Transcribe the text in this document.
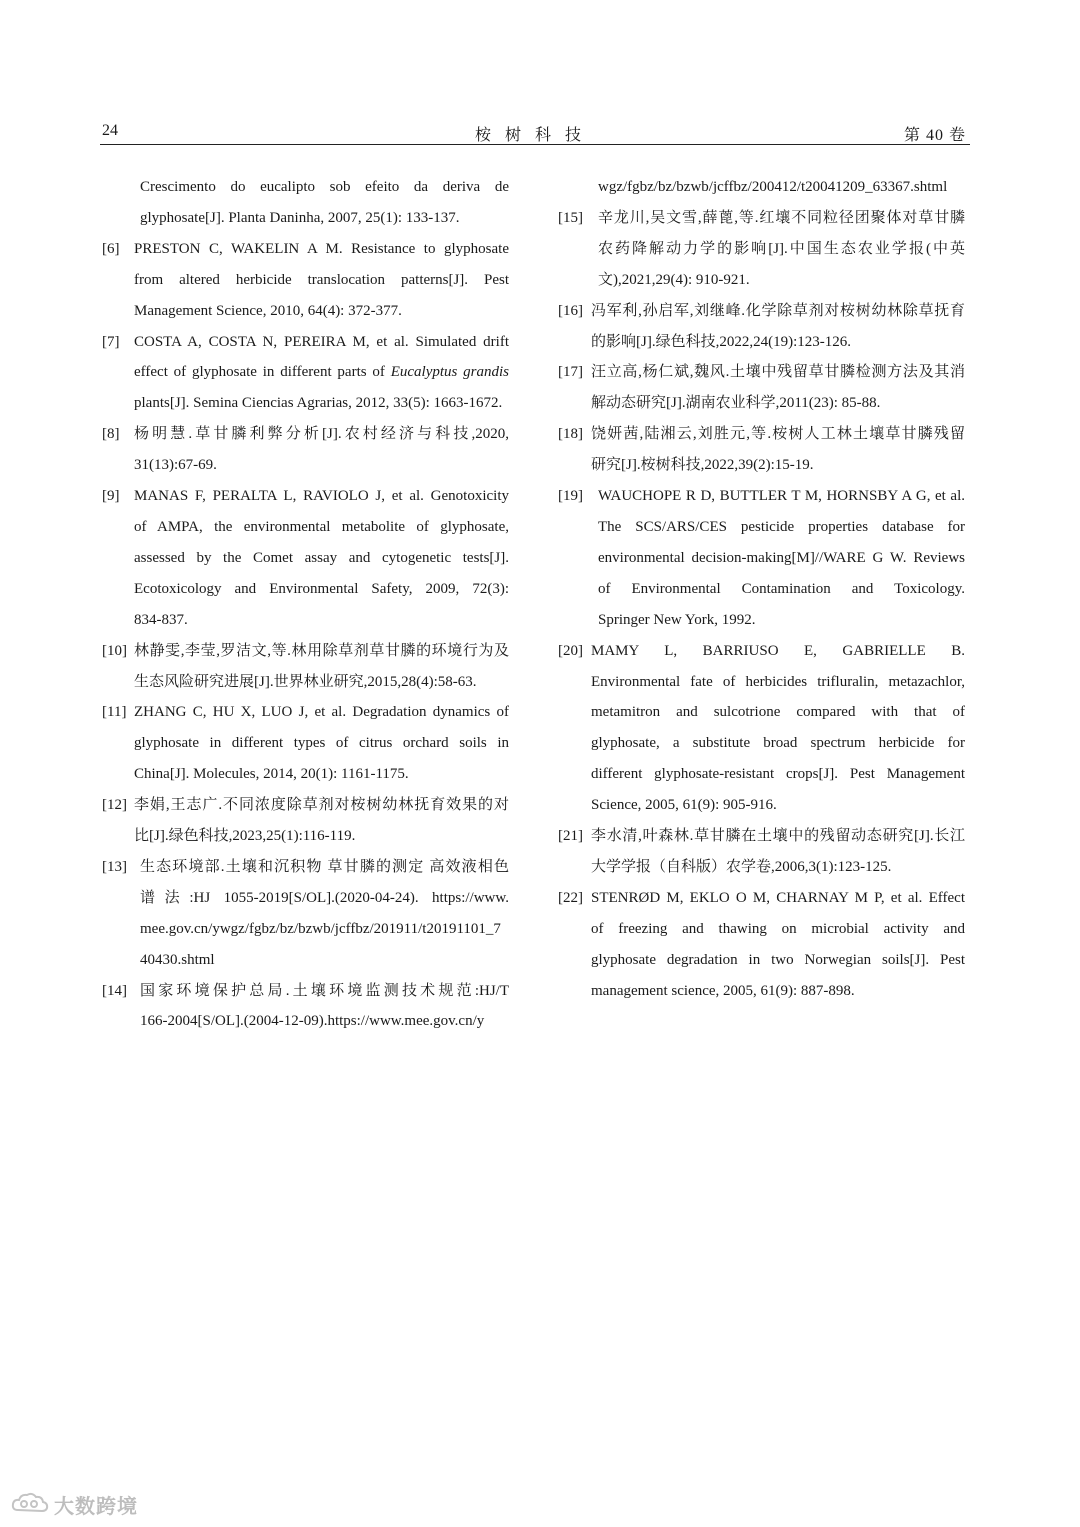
24	桉树科技	第 40 卷
Crescimento do eucalipto sob efeito da deriva de
glyphosate[J]. Planta Daninha, 2007, 25(1): 133-137.
[6] PRESTON C, WAKELIN A M. Resistance to glyphosate
from altered herbicide translocation patterns[J]. Pest
Management Science, 2010, 64(4): 372-377.
[7] COSTA A, COSTA N, PEREIRA M, et al. Simulated drift
effect of glyphosate in different parts of Eucalyptus grandis
plants[J]. Semina Ciencias Agrarias, 2012, 33(5): 1663-1672.
[8] 杨明慧.草甘膦利弊分析[J].农村经济与科技,2020,
31(13):67-69.
[9] MANAS F, PERALTA L, RAVIOLO J, et al. Genotoxicity
of AMPA, the environmental metabolite of glyphosate,
assessed by the Comet assay and cytogenetic tests[J].
Ecotoxicology and Environmental Safety, 2009, 72(3):
834-837.
[10] 林静雯,李莹,罗洁文,等.林用除草剂草甘膦的环境行为及
生态风险研究进展[J].世界林业研究,2015,28(4):58-63.
[11] ZHANG C, HU X, LUO J, et al. Degradation dynamics of
glyphosate in different types of citrus orchard soils in
China[J]. Molecules, 2014, 20(1): 1161-1175.
[12] 李娟,王志广.不同浓度除草剂对桉树幼林抚育效果的对
比[J].绿色科技,2023,25(1):116-119.
[13] 生态环境部.土壤和沉积物 草甘膦的测定 高效液相色
谱法:HJ 1055-2019[S/OL].(2020-04-24). https://www.
mee.gov.cn/ywgz/fgbz/bz/bzwb/jcffbz/201911/t20191101_7
40430.shtml
[14] 国家环境保护总局.土壤环境监测技术规范:HJ/T
166-2004[S/OL].(2004-12-09).https://www.mee.gov.cn/y
wgz/fgbz/bz/bzwb/jcffbz/200412/t20041209_63367.shtml
[15] 辛龙川,吴文雪,薛蓖,等.红壤不同粒径团聚体对草甘膦
农药降解动力学的影响[J].中国生态农业学报(中英
文),2021,29(4): 910-921.
[16] 冯军利,孙启军,刘继峰.化学除草剂对桉树幼林除草抚育
的影响[J].绿色科技,2022,24(19):123-126.
[17] 汪立高,杨仁斌,魏风.土壤中残留草甘膦检测方法及其消
解动态研究[J].湖南农业科学,2011(23): 85-88.
[18] 饶妍茜,陆湘云,刘胜元,等.桉树人工林土壤草甘膦残留
研究[J].桉树科技,2022,39(2):15-19.
[19] WAUCHOPE R D, BUTTLER T M, HORNSBY A G, et al.
The SCS/ARS/CES pesticide properties database for
environmental decision-making[M]//WARE G W. Reviews
of Environmental Contamination and Toxicology.
Springer New York, 1992.
[20] MAMY L, BARRIUSO E, GABRIELLE B.
Environmental fate of herbicides trifluralin, metazachlor,
metamitron and sulcotrione compared with that of
glyphosate, a substitute broad spectrum herbicide for
different glyphosate-resistant crops[J]. Pest Management
Science, 2005, 61(9): 905-916.
[21] 李水清,叶森林.草甘膦在土壤中的残留动态研究[J].长江
大学学报（自科版）农学卷,2006,3(1):123-125.
[22] STENRØD M, EKLO O M, CHARNAY M P, et al. Effect
of freezing and thawing on microbial activity and
glyphosate degradation in two Norwegian soils[J]. Pest
management science, 2005, 61(9): 887-898.
大数跨境
